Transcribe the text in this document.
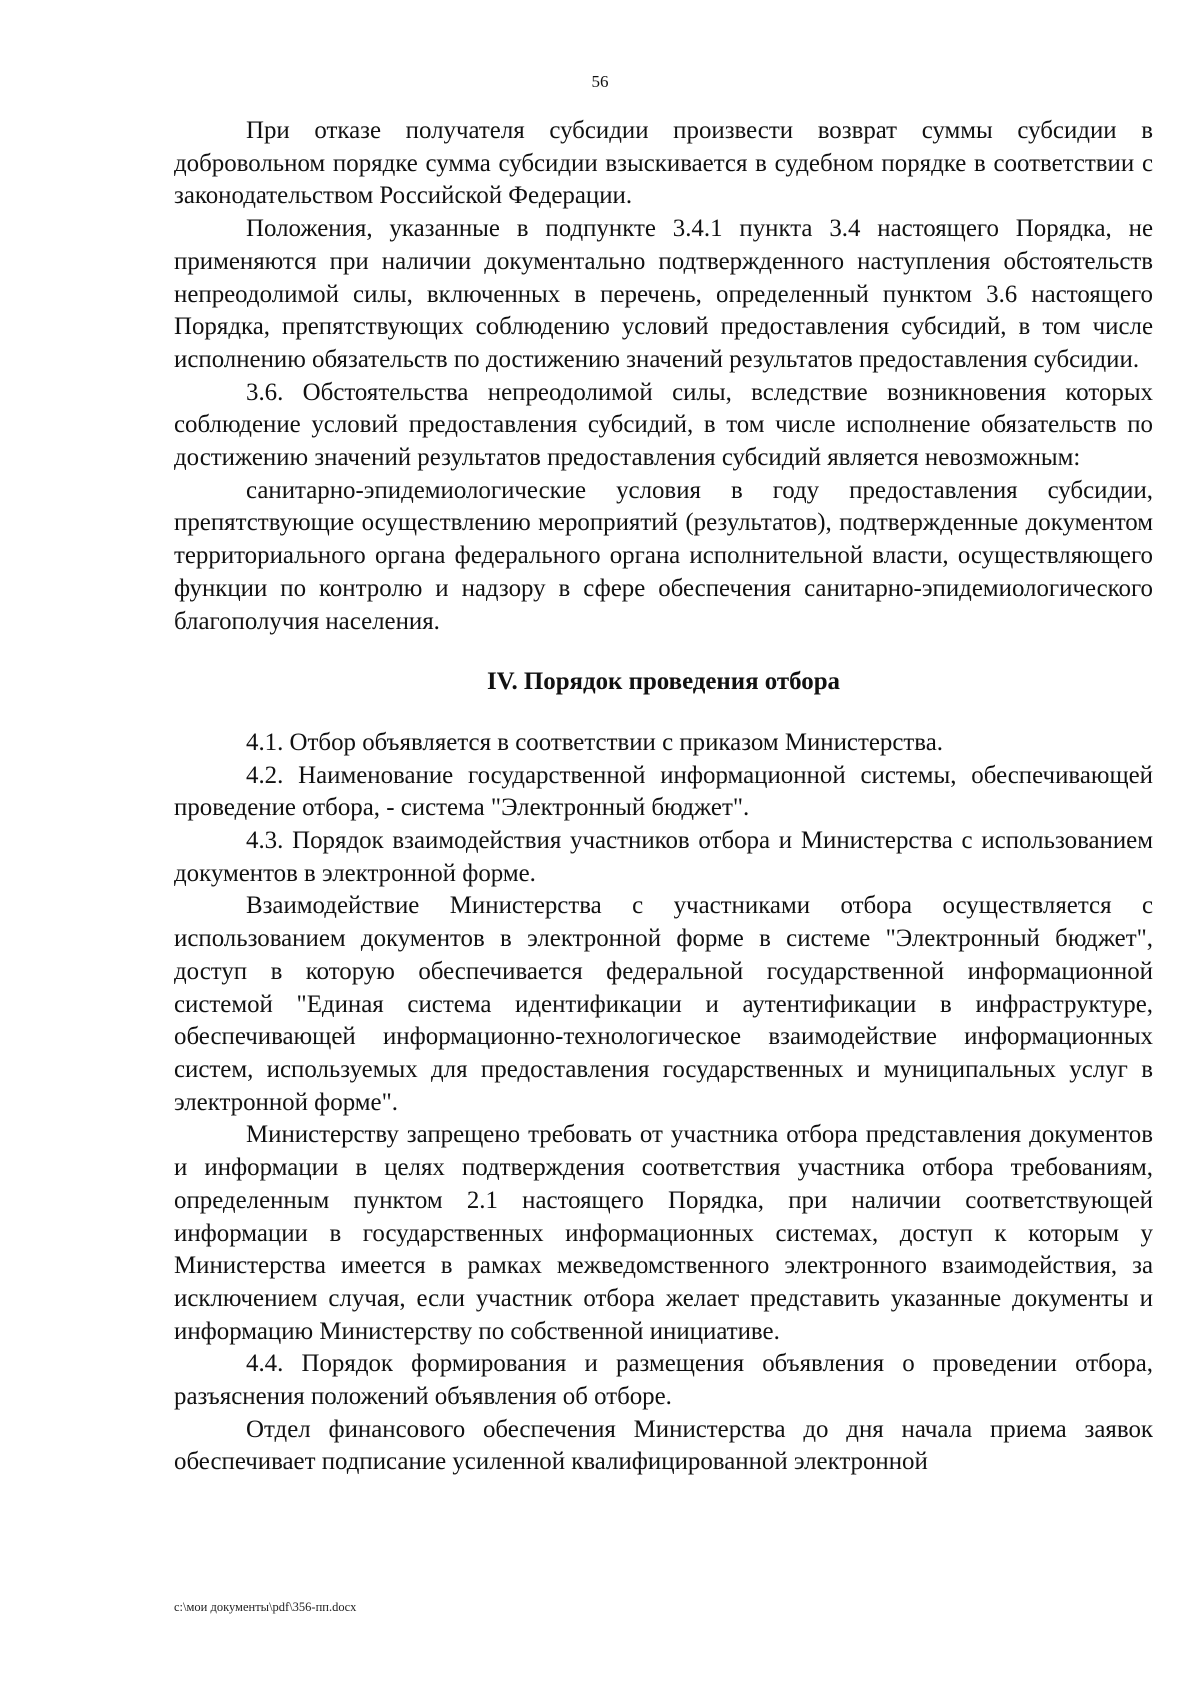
56

При отказе получателя субсидии произвести возврат суммы субсидии в добровольном порядке сумма субсидии взыскивается в судебном порядке в соответствии с законодательством Российской Федерации.

Положения, указанные в подпункте 3.4.1 пункта 3.4 настоящего Порядка, не применяются при наличии документально подтвержденного наступления обстоятельств непреодолимой силы, включенных в перечень, определенный пунктом 3.6 настоящего Порядка, препятствующих соблюдению условий предоставления субсидий, в том числе исполнению обязательств по достижению значений результатов предоставления субсидии.

3.6. Обстоятельства непреодолимой силы, вследствие возникновения которых соблюдение условий предоставления субсидий, в том числе исполнение обязательств по достижению значений результатов предоставления субсидий является невозможным:

санитарно-эпидемиологические условия в году предоставления субсидии, препятствующие осуществлению мероприятий (результатов), подтвержденные документом территориального органа федерального органа исполнительной власти, осуществляющего функции по контролю и надзору в сфере обеспечения санитарно-эпидемиологического благополучия населения.

IV. Порядок проведения отбора

4.1. Отбор объявляется в соответствии с приказом Министерства.

4.2. Наименование государственной информационной системы, обеспечивающей проведение отбора, - система "Электронный бюджет".

4.3. Порядок взаимодействия участников отбора и Министерства с использованием документов в электронной форме.

Взаимодействие Министерства с участниками отбора осуществляется с использованием документов в электронной форме в системе "Электронный бюджет", доступ в которую обеспечивается федеральной государственной информационной системой "Единая система идентификации и аутентификации в инфраструктуре, обеспечивающей информационно-технологическое взаимодействие информационных систем, используемых для предоставления государственных и муниципальных услуг в электронной форме".

Министерству запрещено требовать от участника отбора представления документов и информации в целях подтверждения соответствия участника отбора требованиям, определенным пунктом 2.1 настоящего Порядка, при наличии соответствующей информации в государственных информационных системах, доступ к которым у Министерства имеется в рамках межведомственного электронного взаимодействия, за исключением случая, если участник отбора желает представить указанные документы и информацию Министерству по собственной инициативе.

4.4. Порядок формирования и размещения объявления о проведении отбора, разъяснения положений объявления об отборе.

Отдел финансового обеспечения Министерства до дня начала приема заявок обеспечивает подписание усиленной квалифицированной электронной

c:\мои документы\pdf\356-пп.docx
